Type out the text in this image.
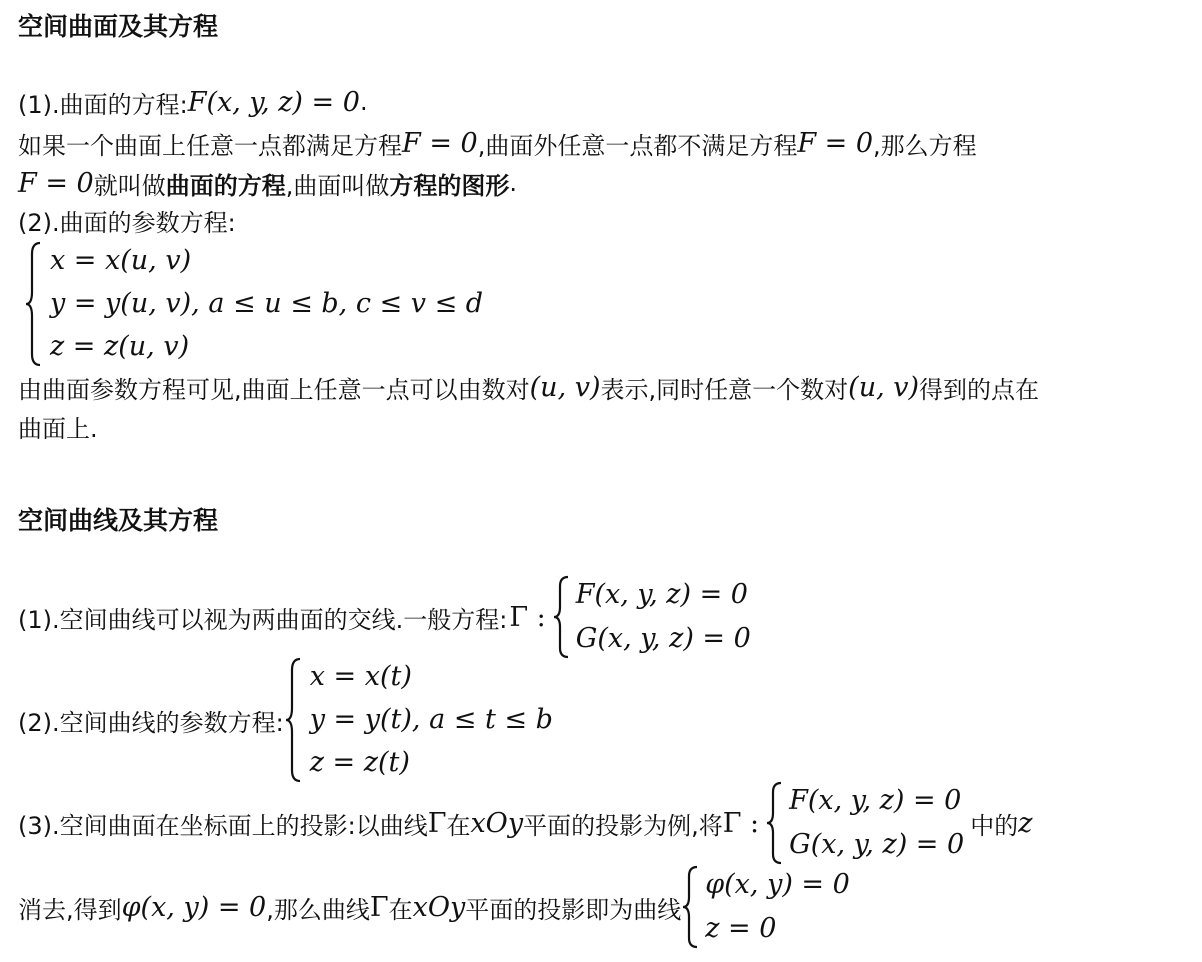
空间曲面及其方程
(1).曲面的方程: F(x, y, z) = 0 .
如果一个曲面上任意一点都满足方程 F = 0 ,曲面外任意一点都不满足方程 F = 0 ,那么方程
F = 0 就叫做 曲面的方程 ,曲面叫做 方程的 图形 .
(2).曲面的参数方程:
x = x(u, v)
y = y(u, v), a ≤ u ≤ b, c ≤ v ≤ d
z = z(u, v)
由曲面参数方程可见,曲面上任意一点可以由数对 (u, v) 表示,同时任意一个数对 (u, v) 得到的点在
曲面上.
空间曲线及其方程
(1).空间曲线可以视为两曲面的交线.一般方程: Γ :
F(x, y, z) = 0
G(x, y, z) = 0
(2).空间曲线的参数方程:
x = x(t)
y = y(t), a ≤ t ≤ b
z = z(t)
(3).空间曲面在坐标面上的投影:以曲线 Γ 在 xOy 平面的投影为例,将 Γ :
F(x, y, z) = 0
G(x, y, z) = 0
中的 z
消去,得到 φ(x, y) = 0 ,那么曲线 Γ 在 xOy 平面的投影即为曲线
φ(x, y) = 0
z = 0
